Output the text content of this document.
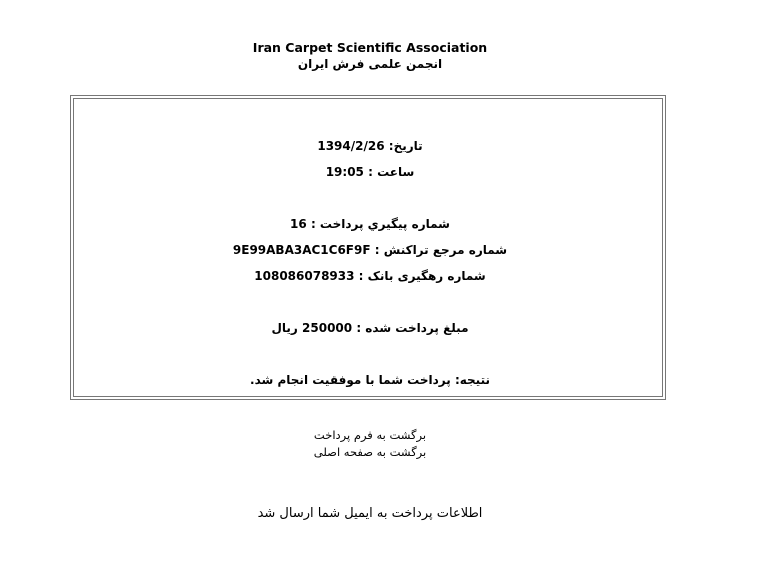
Iran Carpet Scientific Association
انجمن علمی فرش ایران
تاریخ: 1394/2/26
ساعت : 19:05
شماره پيگيري پرداخت : 16
شماره مرجع تراکنش : 9E99ABA3AC1C6F9F
شماره رهگیری بانک : 108086078933
مبلغ پرداخت شده : 250000 ریال
نتیجه: پرداخت شما با موفقیت انجام شد.
برگشت به فرم پرداخت
برگشت به صفحه اصلی
اطلاعات پرداخت به ایمیل شما ارسال شد
